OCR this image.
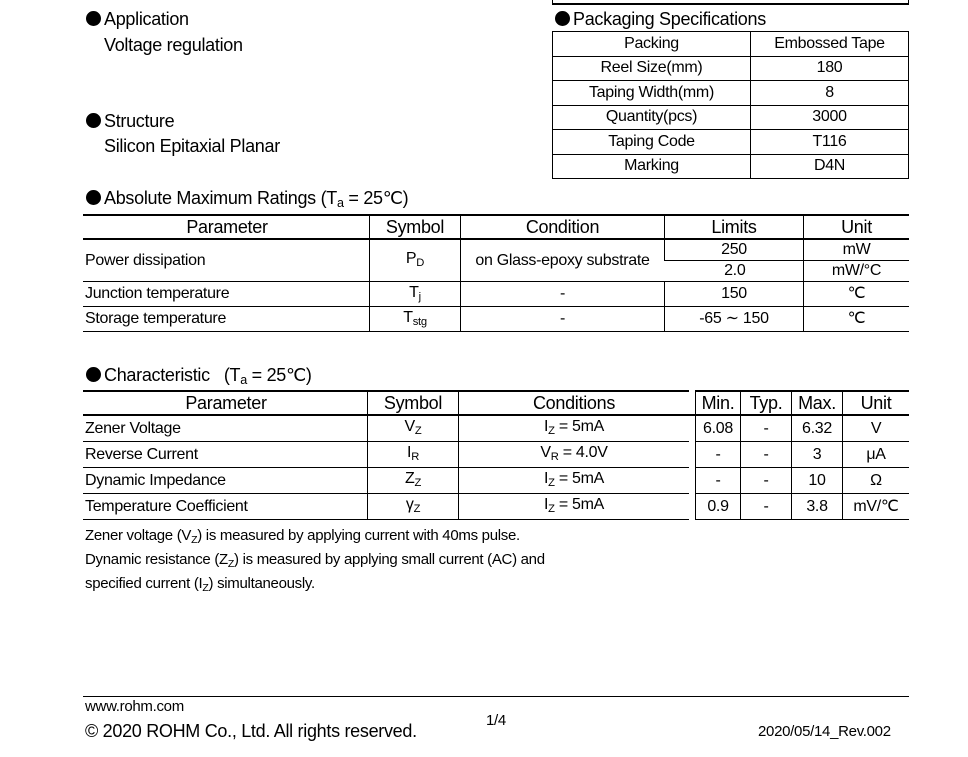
Application
Voltage regulation
Structure
Silicon Epitaxial Planar
Packaging Specifications
Packing	Embossed Tape
Reel Size(mm)	180
Taping Width(mm)	8
Quantity(pcs)	3000
Taping Code	T116
Marking	D4N
Absolute Maximum Ratings ($T_a$ = 25℃)
Parameter	Symbol	Condition	Limits	Unit
Power dissipation	$P_D$	on Glass-epoxy substrate	250	mW
			2.0	mW/°C
Junction temperature	$T_j$	-	150	℃
Storage temperature	$T_{stg}$	-	-65 ∼ 150	℃
Characteristic ($T_a$ = 25℃)
Parameter	Symbol	Conditions		Min.	Typ.	Max.	Unit
Zener Voltage	$V_Z$	$I_Z = 5mA$		6.08	-	6.32	V
Reverse Current	$I_R$	$V_R = 4.0V$		-	-	3	μA
Dynamic Impedance	$Z_Z$	$I_Z = 5mA$		-	-	10	Ω
Temperature Coefficient	$\gamma_Z$	$I_Z = 5mA$		0.9	-	3.8	mV/℃
Zener voltage $(V_Z)$ is measured by applying current with 40ms pulse.
Dynamic resistance $(Z_Z)$ is measured by applying small current (AC) and
specified current $(I_Z)$ simultaneously.
www.rohm.com
© 2020 ROHM Co., Ltd. All rights reserved.
1/4
2020/05/14_Rev.002
